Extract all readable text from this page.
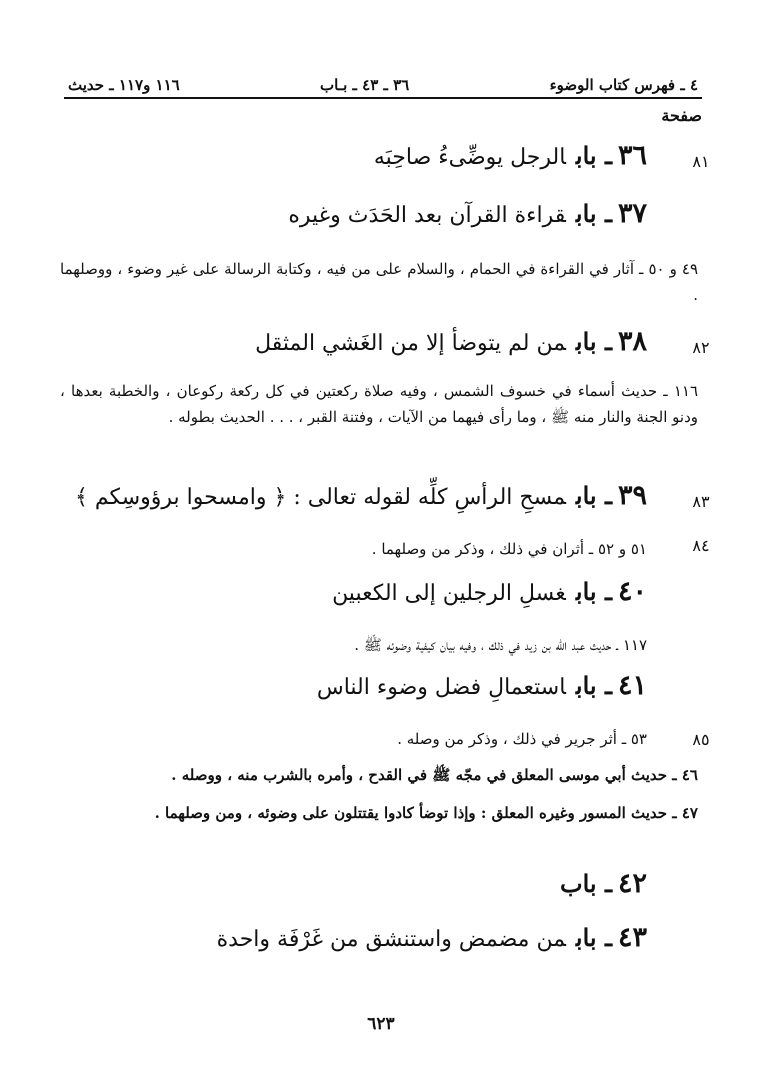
٤ ـ فهرس كتاب الوضوء
٣٦ ـ ٤٣ ـ بـاب
١١٦ و١١٧ ـ حديث
صفحة
٣٦ـ بابالرجل يوضِّىءُ صاحِبَه	٨١
٣٧ـ بابقراءة القرآن بعد الحَدَث وغيره
٤٩ و ٥٠ ـ آثار في القراءة في الحمام ، والسلام على من فيه ، وكتابة الرسالة على غير وضوء ، ووصلهما .
٣٨ـ بابمن لم يتوضأ إلا من الغَشي المثقل	٨٢
١١٦ ـ حديث أسماء في خسوف الشمس ، وفيه صلاة ركعتين في كل ركعة ركوعان ، والخطبة بعدها ، ودنو الجنة والنار منه ﷺ ، وما رأى فيهما من الآيات ، وفتنة القبر ، . . . الحديث بطوله .
٣٩ـ بابمسحِ الرأسِ كلِّه لقوله تعالى : ﴿ وامسحوا برؤوسِكم ﴾	٨٣
٥١ و ٥٢ ـ أثران في ذلك ، وذكر من وصلهما .	٨٤
٤٠ـ بابغسلِ الرجلين إلى الكعبين
١١٧ ـ حديث عبد الله بن زيد في ذلك ، وفيه بيان كيفية وضوئه ﷺ .
٤١ـ باباستعمالِ فضل وضوء الناس
٥٣ ـ أثر جرير في ذلك ، وذكر من وصله .	٨٥
٤٦ ـ حديث أبي موسى المعلق في مجّه ﷺ في القدح ، وأمره بالشرب منه ، ووصله .
٤٧ ـ حديث المسور وغيره المعلق : وإذا توضأ كادوا يقتتلون على وضوئه ، ومن وصلهما .
٤٢ـ باب
٤٣ـ بابمن مضمض واستنشق من غَرْفَة واحدة
٦٢٣
